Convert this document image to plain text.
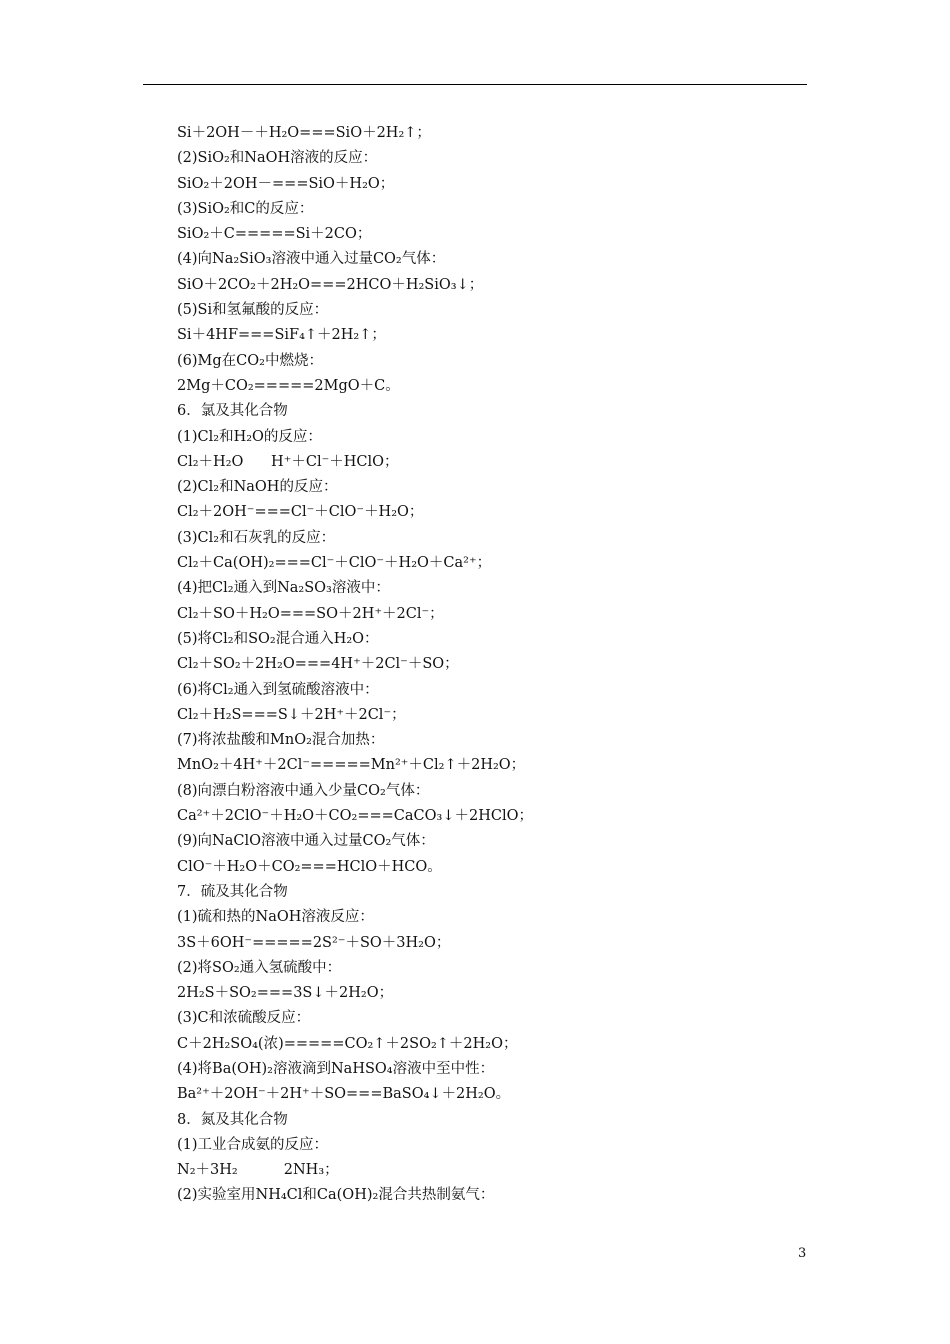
Si＋2OH－＋H₂O===SiO＋2H₂↑；
(2)SiO₂和NaOH溶液的反应：
SiO₂＋2OH－===SiO＋H₂O；
(3)SiO₂和C的反应：
SiO₂＋C=====Si＋2CO；
(4)向Na₂SiO₃溶液中通入过量CO₂气体：
SiO＋2CO₂＋2H₂O===2HCO＋H₂SiO₃↓；
(5)Si和氢氟酸的反应：
Si＋4HF===SiF₄↑＋2H₂↑；
(6)Mg在CO₂中燃烧：
2Mg＋CO₂=====2MgO＋C。
6．氯及其化合物
(1)Cl₂和H₂O的反应：
Cl₂＋H₂O      H⁺＋Cl⁻＋HClO；
(2)Cl₂和NaOH的反应：
Cl₂＋2OH⁻===Cl⁻＋ClO⁻＋H₂O；
(3)Cl₂和石灰乳的反应：
Cl₂＋Ca(OH)₂===Cl⁻＋ClO⁻＋H₂O＋Ca²⁺；
(4)把Cl₂通入到Na₂SO₃溶液中：
Cl₂＋SO＋H₂O===SO＋2H⁺＋2Cl⁻；
(5)将Cl₂和SO₂混合通入H₂O：
Cl₂＋SO₂＋2H₂O===4H⁺＋2Cl⁻＋SO；
(6)将Cl₂通入到氢硫酸溶液中：
Cl₂＋H₂S===S↓＋2H⁺＋2Cl⁻；
(7)将浓盐酸和MnO₂混合加热：
MnO₂＋4H⁺＋2Cl⁻=====Mn²⁺＋Cl₂↑＋2H₂O；
(8)向漂白粉溶液中通入少量CO₂气体：
Ca²⁺＋2ClO⁻＋H₂O＋CO₂===CaCO₃↓＋2HClO；
(9)向NaClO溶液中通入过量CO₂气体：
ClO⁻＋H₂O＋CO₂===HClO＋HCO。
7．硫及其化合物
(1)硫和热的NaOH溶液反应：
3S＋6OH⁻=====2S²⁻＋SO＋3H₂O；
(2)将SO₂通入氢硫酸中：
2H₂S＋SO₂===3S↓＋2H₂O；
(3)C和浓硫酸反应：
C＋2H₂SO₄(浓)=====CO₂↑＋2SO₂↑＋2H₂O；
(4)将Ba(OH)₂溶液滴到NaHSO₄溶液中至中性：
Ba²⁺＋2OH⁻＋2H⁺＋SO===BaSO₄↓＋2H₂O。
8．氮及其化合物
(1)工业合成氨的反应：
N₂＋3H₂          2NH₃；
(2)实验室用NH₄Cl和Ca(OH)₂混合共热制氨气：
3
